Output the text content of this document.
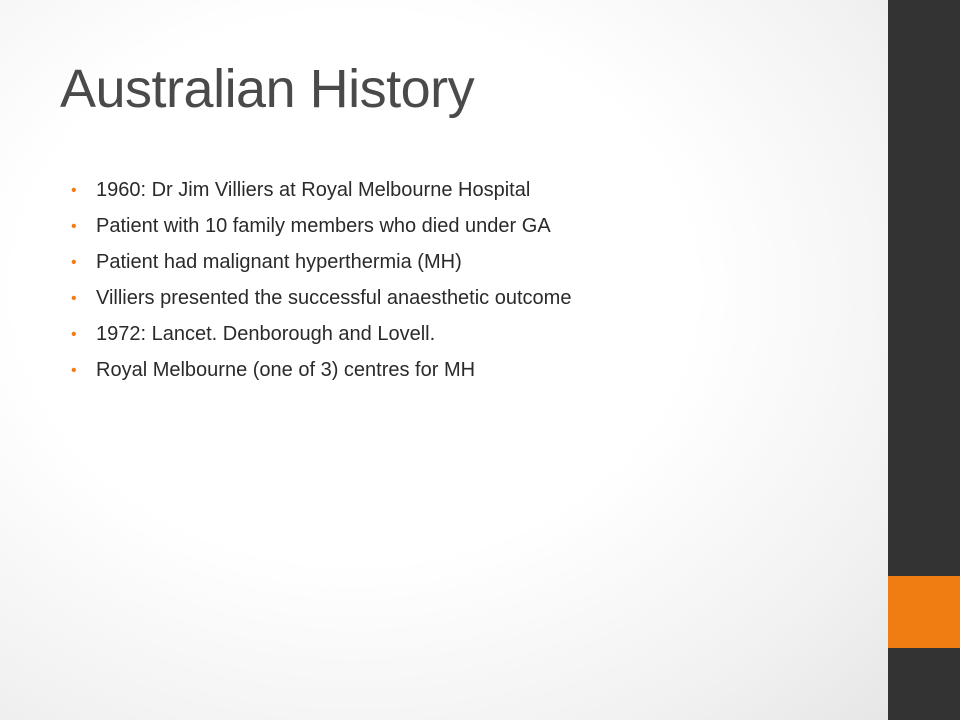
Australian History
• 1960: Dr Jim Villiers at Royal Melbourne Hospital
• Patient with 10 family members who died under GA
• Patient had malignant hyperthermia (MH)
• Villiers presented the successful anaesthetic outcome
• 1972: Lancet. Denborough and Lovell.
• Royal Melbourne (one of 3) centres for MH
